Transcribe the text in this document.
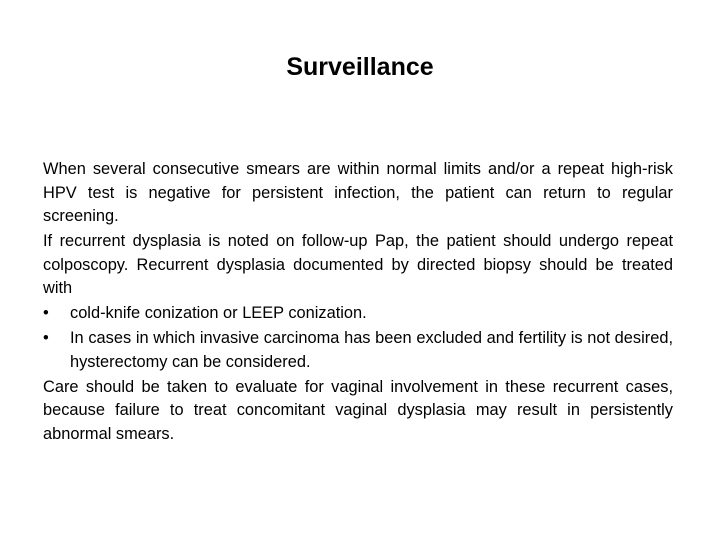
Surveillance

When several consecutive smears are within normal limits and/or a repeat high-risk HPV test is negative for persistent infection, the patient can return to regular screening.

If recurrent dysplasia is noted on follow-up Pap, the patient should undergo repeat colposcopy. Recurrent dysplasia documented by directed biopsy should be treated with

• cold-knife conization or LEEP conization.
• In cases in which invasive carcinoma has been excluded and fertility is not desired, hysterectomy can be considered.

Care should be taken to evaluate for vaginal involvement in these recurrent cases, because failure to treat concomitant vaginal dysplasia may result in persistently abnormal smears.
